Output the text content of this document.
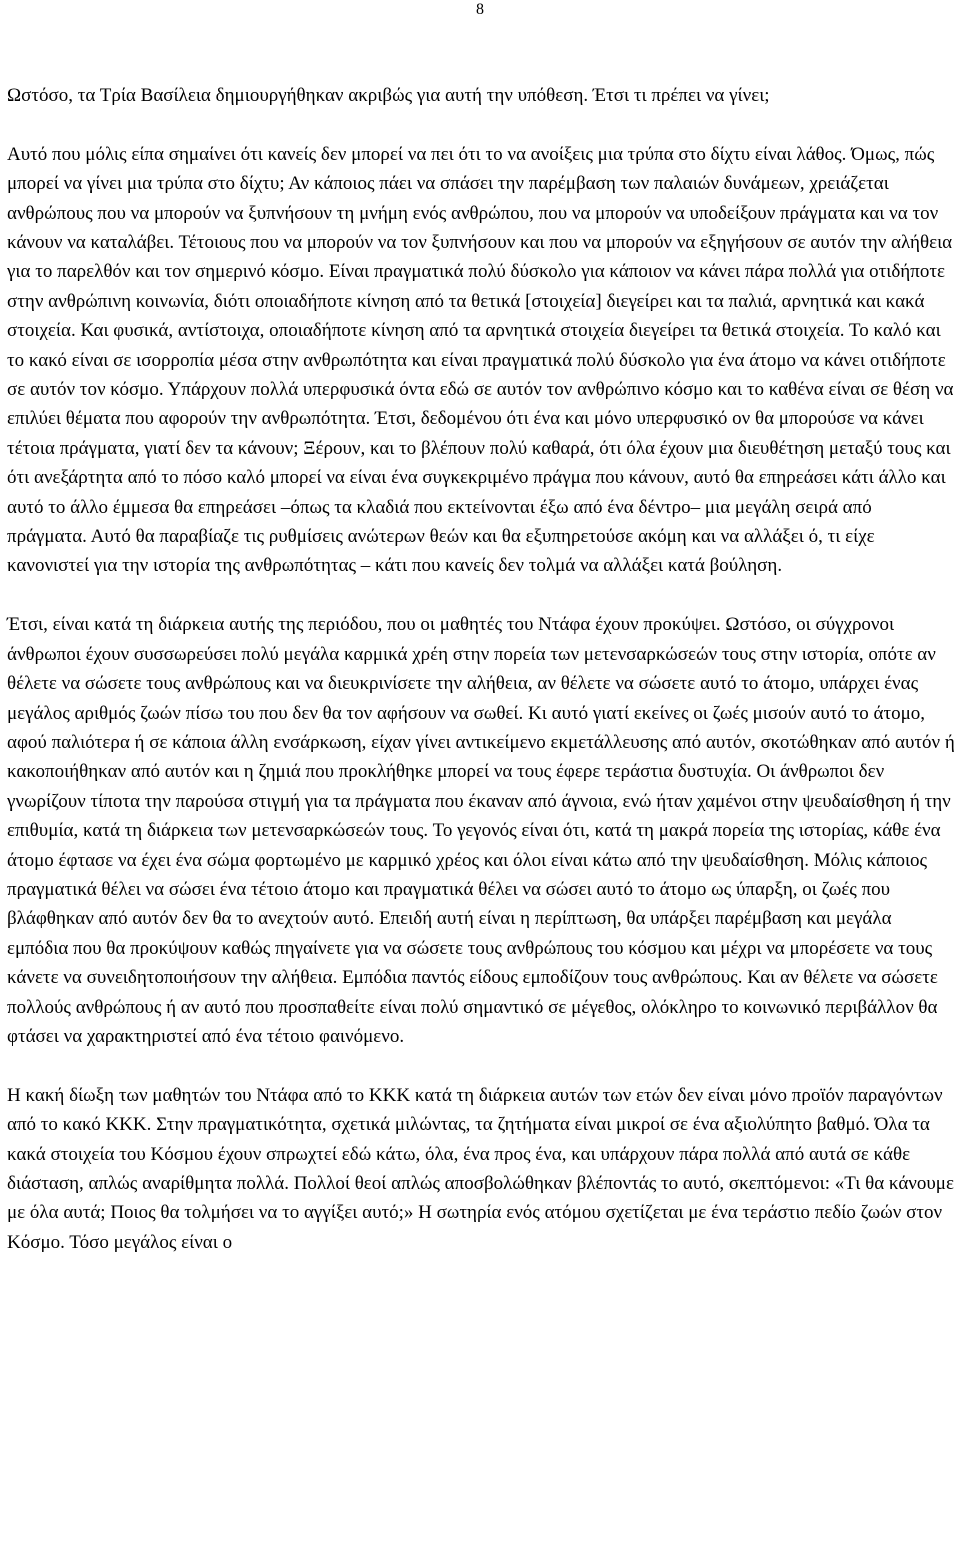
8

Ωστόσο, τα Τρία Βασίλεια δημιουργήθηκαν ακριβώς για αυτή την υπόθεση. Έτσι τι πρέπει να γίνει;

Αυτό που μόλις είπα σημαίνει ότι κανείς δεν μπορεί να πει ότι το να ανοίξεις μια τρύπα στο δίχτυ είναι λάθος. Όμως, πώς μπορεί να γίνει μια τρύπα στο δίχτυ; Αν κάποιος πάει να σπάσει την παρέμβαση των παλαιών δυνάμεων, χρειάζεται ανθρώπους που να μπορούν να ξυπνήσουν τη μνήμη ενός ανθρώπου, που να μπορούν να υποδείξουν πράγματα και να τον κάνουν να καταλάβει. Τέτοιους που να μπορούν να τον ξυπνήσουν και που να μπορούν να εξηγήσουν σε αυτόν την αλήθεια για το παρελθόν και τον σημερινό κόσμο. Είναι πραγματικά πολύ δύσκολο για κάποιον να κάνει πάρα πολλά για οτιδήποτε στην ανθρώπινη κοινωνία, διότι οποιαδήποτε κίνηση από τα θετικά [στοιχεία] διεγείρει και τα παλιά, αρνητικά και κακά στοιχεία. Και φυσικά, αντίστοιχα, οποιαδήποτε κίνηση από τα αρνητικά στοιχεία διεγείρει τα θετικά στοιχεία. Το καλό και το κακό είναι σε ισορροπία μέσα στην ανθρωπότητα και είναι πραγματικά πολύ δύσκολο για ένα άτομο να κάνει οτιδήποτε σε αυτόν τον κόσμο. Υπάρχουν πολλά υπερφυσικά όντα εδώ σε αυτόν τον ανθρώπινο κόσμο και το καθένα είναι σε θέση να επιλύει θέματα που αφορούν την ανθρωπότητα. Έτσι, δεδομένου ότι ένα και μόνο υπερφυσικό ον θα μπορούσε να κάνει τέτοια πράγματα, γιατί δεν τα κάνουν; Ξέρουν, και το βλέπουν πολύ καθαρά, ότι όλα έχουν μια διευθέτηση μεταξύ τους και ότι ανεξάρτητα από το πόσο καλό μπορεί να είναι ένα συγκεκριμένο πράγμα που κάνουν, αυτό θα επηρεάσει κάτι άλλο και αυτό το άλλο έμμεσα θα επηρεάσει –όπως τα κλαδιά που εκτείνονται έξω από ένα δέντρο– μια μεγάλη σειρά από πράγματα. Αυτό θα παραβίαζε τις ρυθμίσεις ανώτερων θεών και θα εξυπηρετούσε ακόμη και να αλλάξει ό, τι είχε κανονιστεί για την ιστορία της ανθρωπότητας – κάτι που κανείς δεν τολμά να αλλάξει κατά βούληση.

Έτσι, είναι κατά τη διάρκεια αυτής της περιόδου, που οι μαθητές του Ντάφα έχουν προκύψει. Ωστόσο, οι σύγχρονοι άνθρωποι έχουν συσσωρεύσει πολύ μεγάλα καρμικά χρέη στην πορεία των μετενσαρκώσεών τους στην ιστορία, οπότε αν θέλετε να σώσετε τους ανθρώπους και να διευκρινίσετε την αλήθεια, αν θέλετε να σώσετε αυτό το άτομο, υπάρχει ένας μεγάλος αριθμός ζωών πίσω του που δεν θα τον αφήσουν να σωθεί. Κι αυτό γιατί εκείνες οι ζωές μισούν αυτό το άτομο, αφού παλιότερα ή σε κάποια άλλη ενσάρκωση, είχαν γίνει αντικείμενο εκμετάλλευσης από αυτόν, σκοτώθηκαν από αυτόν ή κακοποιήθηκαν από αυτόν και η ζημιά που προκλήθηκε μπορεί να τους έφερε τεράστια δυστυχία. Οι άνθρωποι δεν γνωρίζουν τίποτα την παρούσα στιγμή για τα πράγματα που έκαναν από άγνοια, ενώ ήταν χαμένοι στην ψευδαίσθηση ή την επιθυμία, κατά τη διάρκεια των μετενσαρκώσεών τους. Το γεγονός είναι ότι, κατά τη μακρά πορεία της ιστορίας, κάθε ένα άτομο έφτασε να έχει ένα σώμα φορτωμένο με καρμικό χρέος και όλοι είναι κάτω από την ψευδαίσθηση. Μόλις κάποιος πραγματικά θέλει να σώσει ένα τέτοιο άτομο και πραγματικά θέλει να σώσει αυτό το άτομο ως ύπαρξη, οι ζωές που βλάφθηκαν από αυτόν δεν θα το ανεχτούν αυτό. Επειδή αυτή είναι η περίπτωση, θα υπάρξει παρέμβαση και μεγάλα εμπόδια που θα προκύψουν καθώς πηγαίνετε για να σώσετε τους ανθρώπους του κόσμου και μέχρι να μπορέσετε να τους κάνετε να συνειδητοποιήσουν την αλήθεια. Εμπόδια παντός είδους εμποδίζουν τους ανθρώπους. Και αν θέλετε να σώσετε πολλούς ανθρώπους ή αν αυτό που προσπαθείτε είναι πολύ σημαντικό σε μέγεθος, ολόκληρο το κοινωνικό περιβάλλον θα φτάσει να χαρακτηριστεί από ένα τέτοιο φαινόμενο.

Η κακή δίωξη των μαθητών του Ντάφα από το ΚΚΚ κατά τη διάρκεια αυτών των ετών δεν είναι μόνο προϊόν παραγόντων από το κακό ΚΚΚ. Στην πραγματικότητα, σχετικά μιλώντας, τα ζητήματα είναι μικροί σε ένα αξιολύπητο βαθμό. Όλα τα κακά στοιχεία του Κόσμου έχουν σπρωχτεί εδώ κάτω, όλα, ένα προς ένα, και υπάρχουν πάρα πολλά από αυτά σε κάθε διάσταση, απλώς αναρίθμητα πολλά. Πολλοί θεοί απλώς αποσβολώθηκαν βλέποντάς το αυτό, σκεπτόμενοι: «Τι θα κάνουμε με όλα αυτά; Ποιος θα τολμήσει να το αγγίξει αυτό;» Η σωτηρία ενός ατόμου σχετίζεται με ένα τεράστιο πεδίο ζωών στον Κόσμο. Τόσο μεγάλος είναι ο
